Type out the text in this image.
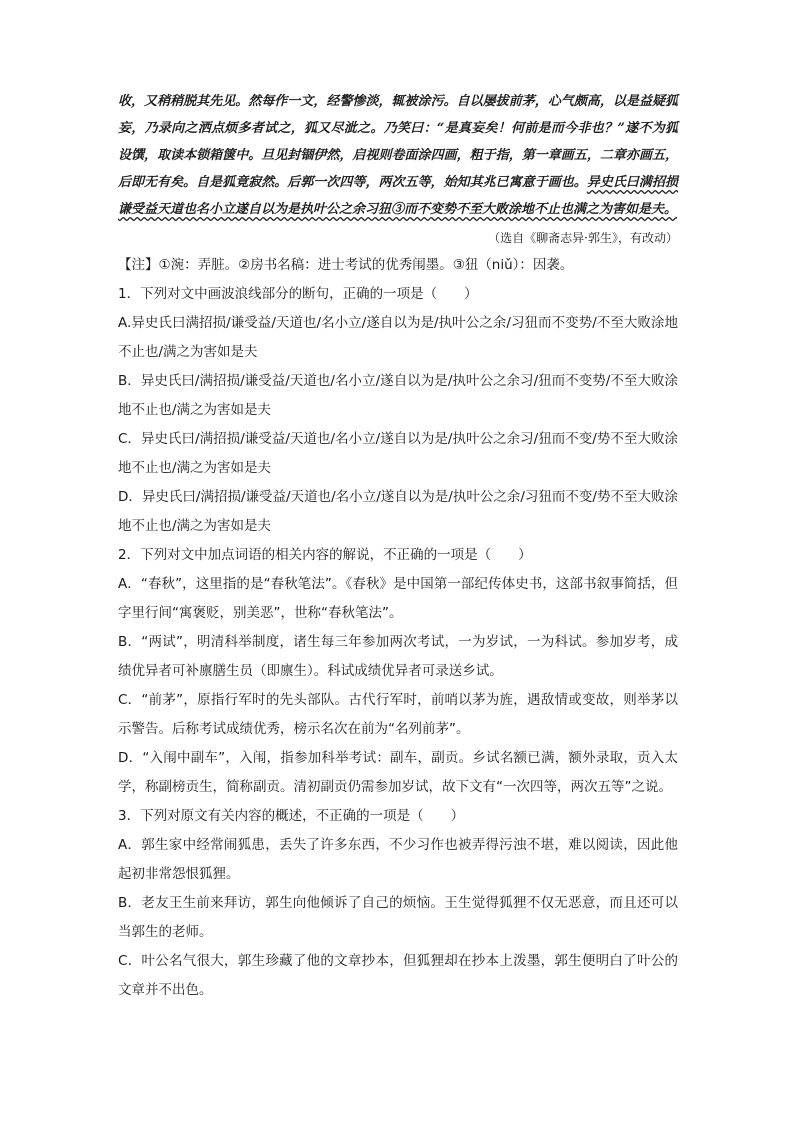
收，又稍稍脱其先见。然每作一文，经警惨淡，辄被涂污。自以屡拔前茅，心气颇高，以是益疑狐妄，乃录向之洒点烦多者试之，狐又尽泚之。乃笑曰：“是真妄矣！何前是而今非也？”遂不为狐设馔，取读本锁箱箧中。旦见封锢伊然，启视则卷面涂四画，粗于指，第一章画五，二章亦画五，后即无有矣。自是狐竟寂然。后郭一次四等，两次五等，始知其兆已寓意于画也。异史氏曰满招损谦受益天道也名小立遂自以为是执叶公之余习狃③而不变势不至大败涂地不止也满之为害如是夫。

（选自《聊斋志异·郭生》，有改动）

【注】①涴：弄脏。②房书名稿：进士考试的优秀闱墨。③狃（niǔ）：因袭。

1．下列对文中画波浪线部分的断句，正确的一项是（　　）

A.异史氏曰满招损/谦受益/天道也/名小立/遂自以为是/执叶公之余/习狃而不变势/不至大败涂地不止也/满之为害如是夫

B．异史氏曰/满招损/谦受益/天道也/名小立/遂自以为是/执叶公之余习/狃而不变势/不至大败涂地不止也/满之为害如是夫

C．异史氏曰/满招损/谦受益/天道也/名小立/遂自以为是/执叶公之余习/狃而不变/势不至大败涂地不止也/满之为害如是夫

D．异史氏曰/满招损/谦受益/天道也/名小立/遂自以为是/执叶公之余/习狃而不变/势不至大败涂地不止也/满之为害如是夫

2．下列对文中加点词语的相关内容的解说，不正确的一项是（　　）

A．“春秋”，这里指的是“春秋笔法”。《春秋》是中国第一部纪传体史书，这部书叙事简括，但字里行间“寓褒贬，别美恶”，世称“春秋笔法”。

B．“两试”，明清科举制度，诸生每三年参加两次考试，一为岁试，一为科试。参加岁考，成绩优异者可补廪膳生员（即廪生）。科试成绩优异者可录送乡试。

C．“前茅”，原指行军时的先头部队。古代行军时，前哨以茅为旌，遇敌情或变故，则举茅以示警告。后称考试成绩优秀，榜示名次在前为“名列前茅”。

D．“入闱中副车”，入闱，指参加科举考试：副车，副贡。乡试名额已满，额外录取，贡入太学，称副榜贡生，简称副贡。清初副贡仍需参加岁试，故下文有“一次四等，两次五等”之说。

3．下列对原文有关内容的概述，不正确的一项是（　　）

A．郭生家中经常闹狐患，丢失了许多东西，不少习作也被弄得污浊不堪，难以阅读，因此他起初非常怨恨狐狸。

B．老友王生前来拜访，郭生向他倾诉了自己的烦恼。王生觉得狐狸不仅无恶意，而且还可以当郭生的老师。

C．叶公名气很大，郭生珍藏了他的文章抄本，但狐狸却在抄本上泼墨，郭生便明白了叶公的文章并不出色。
